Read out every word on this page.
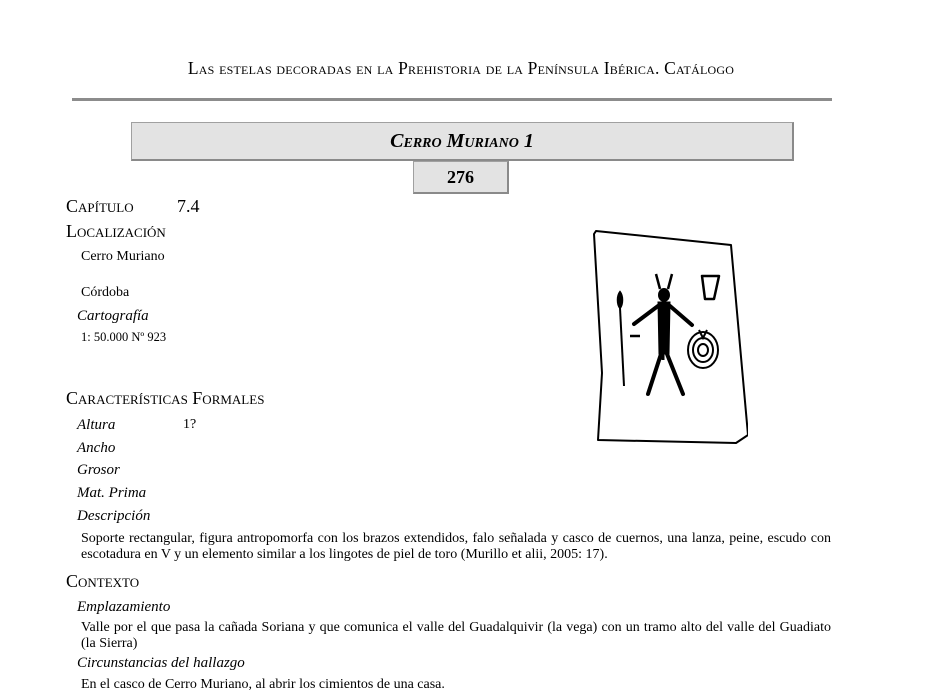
Las estelas decoradas en la Prehistoria de la Península Ibérica. Catálogo
Cerro Muriano 1
276
Capítulo 7.4
Localización
Cerro Muriano
Córdoba
Cartografía
1: 50.000 Nº 923
Características Formales
Altura	1?
Ancho
Grosor
Mat. Prima
Descripción
Soporte rectangular, figura antropomorfa con los brazos extendidos, falo señalada y casco de cuernos, una lanza, peine, escudo con escotadura en V y un elemento similar a los lingotes de piel de toro (Murillo et alii, 2005: 17).
Contexto
Emplazamiento
Valle por el que pasa la cañada Soriana y que comunica el valle del Guadalquivir (la vega) con un tramo alto del valle del Guadiato (la Sierra)
Circunstancias del hallazgo
En el casco de Cerro Muriano, al abrir los cimientos de una casa.
